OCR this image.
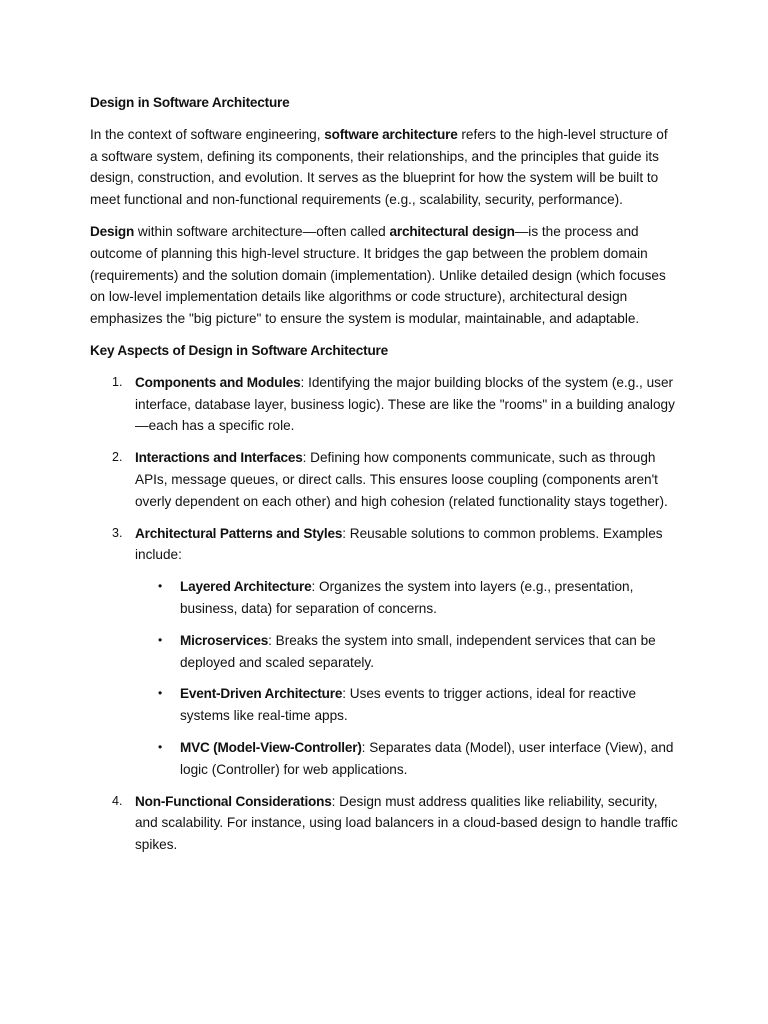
Design in Software Architecture

In the context of software engineering, software architecture refers to the high-level structure of a software system, defining its components, their relationships, and the principles that guide its design, construction, and evolution. It serves as the blueprint for how the system will be built to meet functional and non-functional requirements (e.g., scalability, security, performance).

Design within software architecture—often called architectural design—is the process and outcome of planning this high-level structure. It bridges the gap between the problem domain (requirements) and the solution domain (implementation). Unlike detailed design (which focuses on low-level implementation details like algorithms or code structure), architectural design emphasizes the "big picture" to ensure the system is modular, maintainable, and adaptable.

Key Aspects of Design in Software Architecture
1. Components and Modules: Identifying the major building blocks of the system (e.g., user interface, database layer, business logic). These are like the "rooms" in a building analogy—each has a specific role.
2. Interactions and Interfaces: Defining how components communicate, such as through APIs, message queues, or direct calls. This ensures loose coupling (components aren't overly dependent on each other) and high cohesion (related functionality stays together).
3. Architectural Patterns and Styles: Reusable solutions to common problems. Examples include:
• Layered Architecture: Organizes the system into layers (e.g., presentation, business, data) for separation of concerns.
• Microservices: Breaks the system into small, independent services that can be deployed and scaled separately.
• Event-Driven Architecture: Uses events to trigger actions, ideal for reactive systems like real-time apps.
• MVC (Model-View-Controller): Separates data (Model), user interface (View), and logic (Controller) for web applications.
4. Non-Functional Considerations: Design must address qualities like reliability, security, and scalability. For instance, using load balancers in a cloud-based design to handle traffic spikes.
